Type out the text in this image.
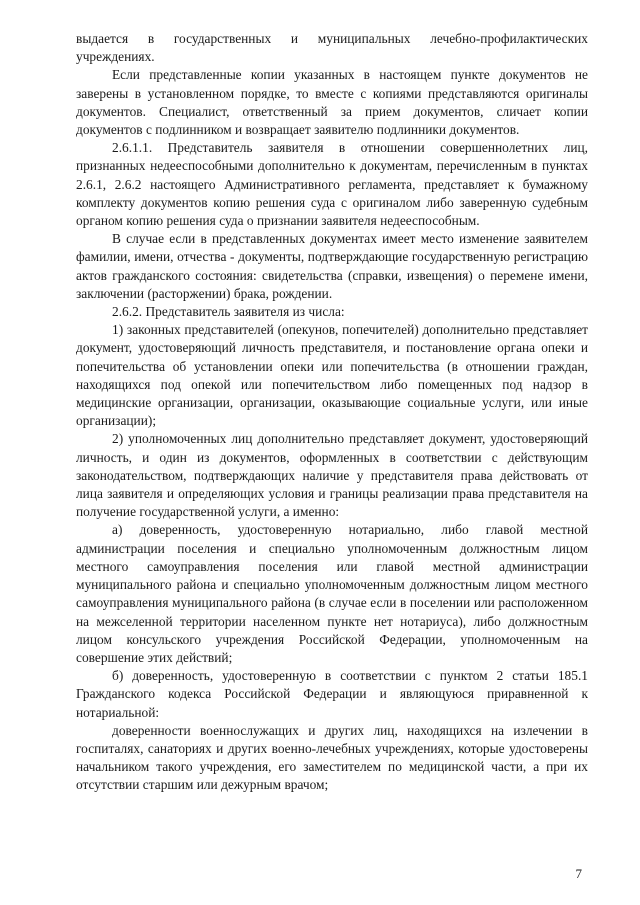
выдается в государственных и муниципальных лечебно-профилактических учреждениях.

Если представленные копии указанных в настоящем пункте документов не заверены в установленном порядке, то вместе с копиями представляются оригиналы документов. Специалист, ответственный за прием документов, сличает копии документов с подлинником и возвращает заявителю подлинники документов.

2.6.1.1. Представитель заявителя в отношении совершеннолетних лиц, признанных недееспособными дополнительно к документам, перечисленным в пунктах 2.6.1, 2.6.2 настоящего Административного регламента, представляет к бумажному комплекту документов копию решения суда с оригиналом либо заверенную судебным органом копию решения суда о признании заявителя недееспособным.

В случае если в представленных документах имеет место изменение заявителем фамилии, имени, отчества - документы, подтверждающие государственную регистрацию актов гражданского состояния: свидетельства (справки, извещения) о перемене имени, заключении (расторжении) брака, рождении.

2.6.2. Представитель заявителя из числа:

1) законных представителей (опекунов, попечителей) дополнительно представляет документ, удостоверяющий личность представителя, и постановление органа опеки и попечительства об установлении опеки или попечительства (в отношении граждан, находящихся под опекой или попечительством либо помещенных под надзор в медицинские организации, организации, оказывающие социальные услуги, или иные организации);

2) уполномоченных лиц дополнительно представляет документ, удостоверяющий личность, и один из документов, оформленных в соответствии с действующим законодательством, подтверждающих наличие у представителя права действовать от лица заявителя и определяющих условия и границы реализации права представителя на получение государственной услуги, а именно:

а) доверенность, удостоверенную нотариально, либо главой местной администрации поселения и специально уполномоченным должностным лицом местного самоуправления поселения или главой местной администрации муниципального района и специально уполномоченным должностным лицом местного самоуправления муниципального района (в случае если в поселении или расположенном на межселенной территории населенном пункте нет нотариуса), либо должностным лицом консульского учреждения Российской Федерации, уполномоченным на совершение этих действий;

б) доверенность, удостоверенную в соответствии с пунктом 2 статьи 185.1 Гражданского кодекса Российской Федерации и являющуюся приравненной к нотариальной:

доверенности военнослужащих и других лиц, находящихся на излечении в госпиталях, санаториях и других военно-лечебных учреждениях, которые удостоверены начальником такого учреждения, его заместителем по медицинской части, а при их отсутствии старшим или дежурным врачом;

7
